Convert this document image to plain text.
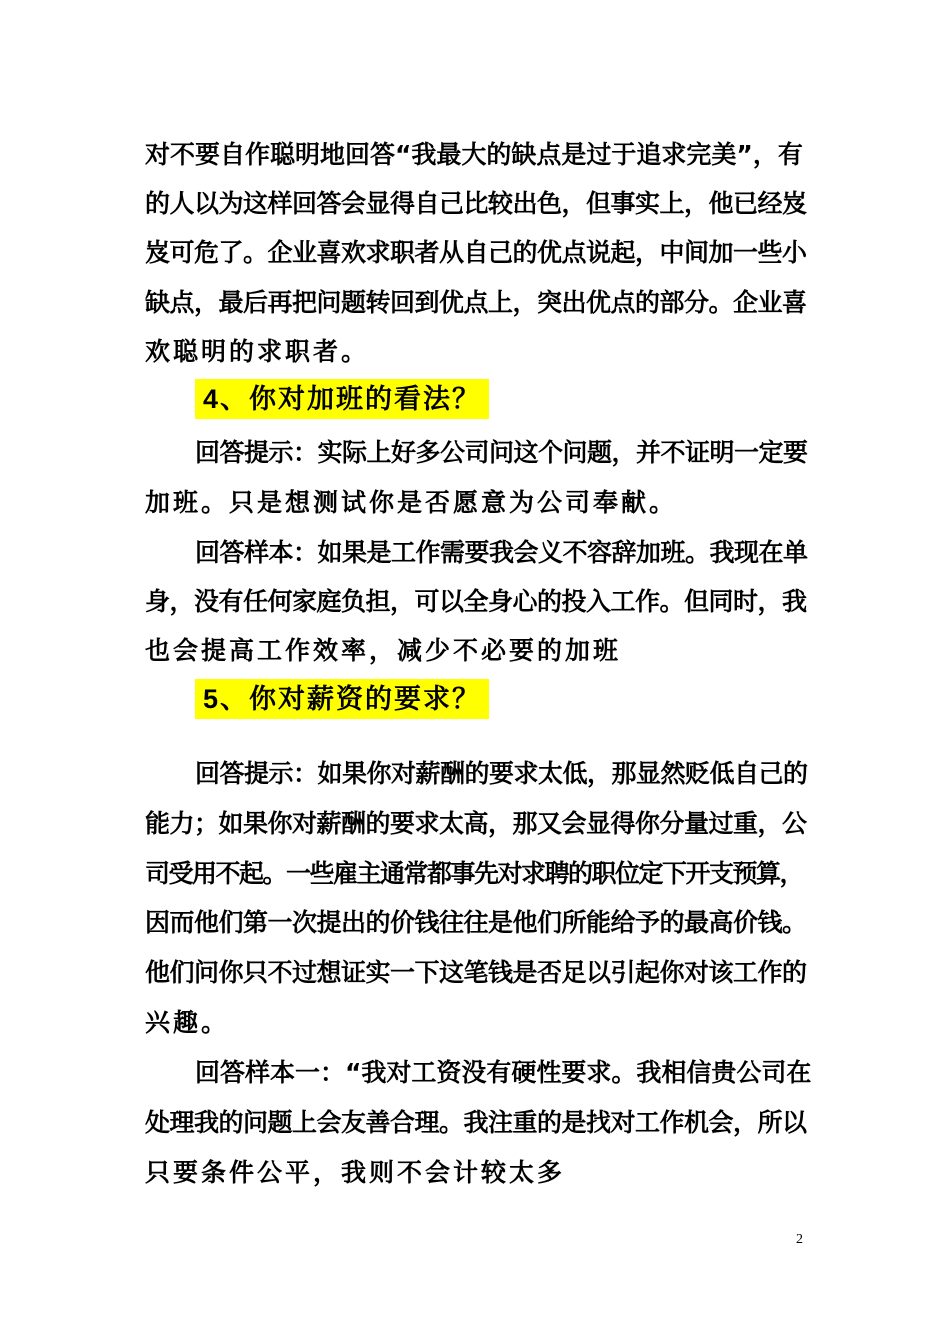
对不要自作聪明地回答“我最大的缺点是过于追求完美”，有
的人以为这样回答会显得自己比较出色，但事实上，他已经岌
岌可危了。企业喜欢求职者从自己的优点说起，中间加一些小
缺点，最后再把问题转回到优点上，突出优点的部分。企业喜
欢聪明的求职者。
4、你对加班的看法？
回答提示：实际上好多公司问这个问题，并不证明一定要
加班。只是想测试你是否愿意为公司奉献。
回答样本：如果是工作需要我会义不容辞加班。我现在单
身，没有任何家庭负担，可以全身心的投入工作。但同时，我
也会提高工作效率，减少不必要的加班
5、你对薪资的要求？
回答提示：如果你对薪酬的要求太低，那显然贬低自己的
能力；如果你对薪酬的要求太高，那又会显得你分量过重，公
司受用不起。一些雇主通常都事先对求聘的职位定下开支预算，
因而他们第一次提出的价钱往往是他们所能给予的最高价钱。
他们问你只不过想证实一下这笔钱是否足以引起你对该工作的
兴趣。
回答样本一：“我对工资没有硬性要求。我相信贵公司在
处理我的问题上会友善合理。我注重的是找对工作机会，所以
只要条件公平，我则不会计较太多
2
